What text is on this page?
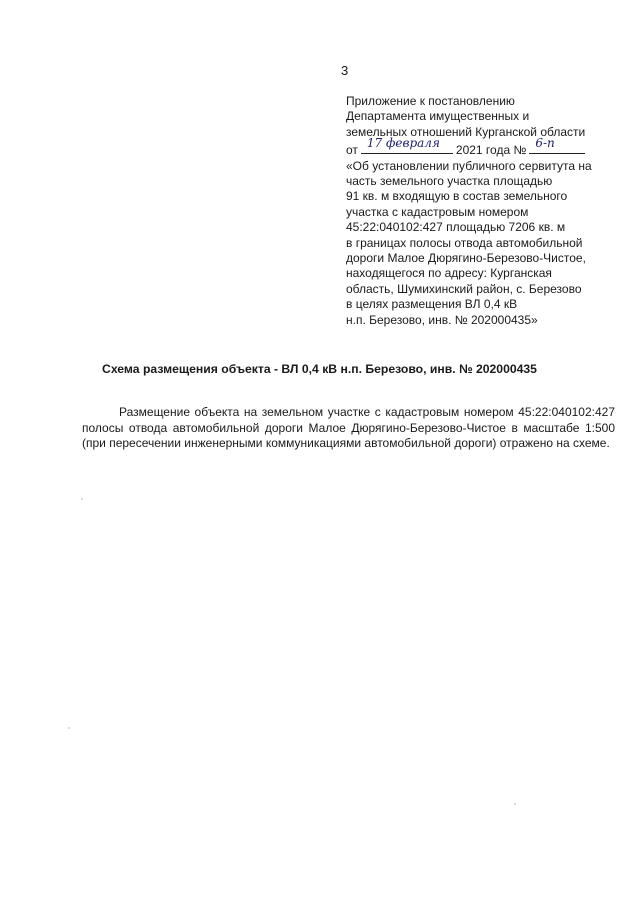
3
Приложение к постановлению
Департамента имущественных и
земельных отношений Курганской области
от 17 февраля 2021 года № 6-п
«Об установлении публичного сервитута на
часть земельного участка площадью
91 кв. м входящую в состав земельного
участка с кадастровым номером
45:22:040102:427 площадью 7206 кв. м
в границах полосы отвода автомобильной
дороги Малое Дюрягино-Березово-Чистое,
находящегося по адресу: Курганская
область, Шумихинский район, с. Березово
в целях размещения ВЛ 0,4 кВ
н.п. Березово, инв. № 202000435»
Схема размещения объекта - ВЛ 0,4 кВ н.п. Березово, инв. № 202000435
Размещение объекта на земельном участке с кадастровым номером 45:22:040102:427 полосы отвода автомобильной дороги Малое Дюрягино-Березово-Чистое в масштабе 1:500 (при пересечении инженерными коммуникациями автомобильной дороги) отражено на схеме.
